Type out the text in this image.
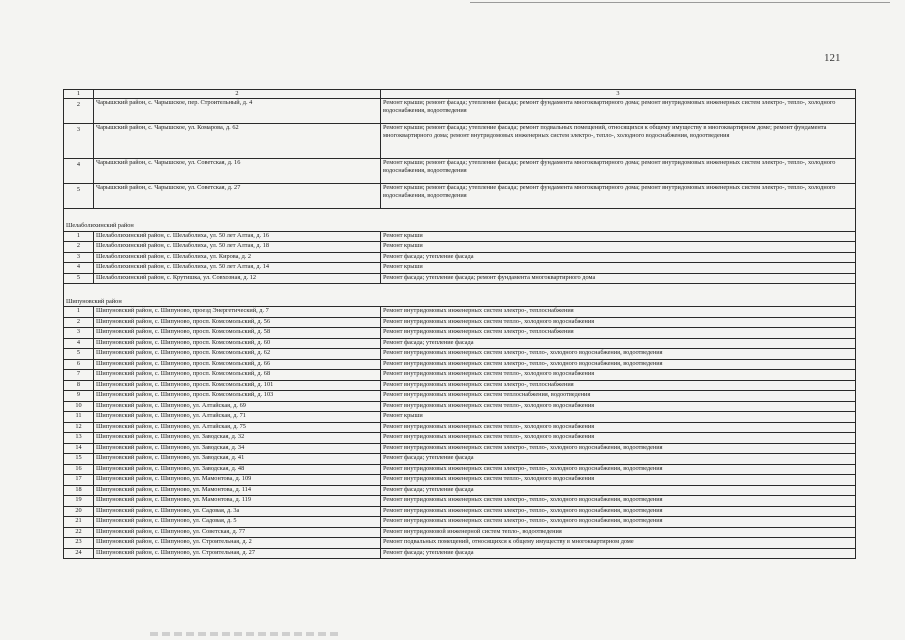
121
1	2	3
2	Чарышский район, с. Чарышское, пер. Строительный, д. 4	Ремонт крыши; ремонт фасада; утепление фасада; ремонт фундамента многоквартирного дома; ремонт внутридомовых инженерных систем электро-, тепло-, холодного водоснабжения, водоотведения
3	Чарышский район, с. Чарышское, ул. Комарова, д. 62	Ремонт крыши; ремонт фасада; утепление фасада; ремонт подвальных помещений, относящихся к общему имуществу в многоквартирном доме; ремонт фундамента многоквартирного дома; ремонт внутридомовых инженерных систем электро-, тепло-, холодного водоснабжения, водоотведения
4	Чарышский район, с. Чарышское, ул. Советская, д. 16	Ремонт крыши; ремонт фасада; утепление фасада; ремонт фундамента многоквартирного дома; ремонт внутридомовых инженерных систем электро-, тепло-, холодного водоснабжения, водоотведения
5	Чарышский район, с. Чарышское, ул. Советская, д. 27	Ремонт крыши; ремонт фасада; утепление фасада; ремонт фундамента многоквартирного дома; ремонт внутридомовых инженерных систем электро-, тепло-, холодного водоснабжения, водоотведения

Шелаболихинский район		
1	Шелаболихинский район, с. Шелаболиха, ул. 50 лет Алтая, д. 16	Ремонт крыши
2	Шелаболихинский район, с. Шелаболиха, ул. 50 лет Алтая, д. 18	Ремонт крыши
3	Шелаболихинский район, с. Шелаболиха, ул. Кирова, д. 2	Ремонт фасада; утепление фасада
4	Шелаболихинский район, с. Шелаболиха, ул. 50 лет Алтая, д. 14	Ремонт крыши
5	Шелаболихинский район, с. Крутишка, ул. Совхозная, д. 12	Ремонт фасада; утепление фасада; ремонт фундамента многоквартирного дома

Шипуновский район		
1	Шипуновский район, с. Шипуново, проезд Энергетический, д. 7	Ремонт внутридомовых инженерных систем электро-, теплоснабжения
2	Шипуновский район, с. Шипуново, просп. Комсомольский, д. 56	Ремонт внутридомовых инженерных систем тепло-, холодного водоснабжения
3	Шипуновский район, с. Шипуново, просп. Комсомольский, д. 58	Ремонт внутридомовых инженерных систем электро-, теплоснабжения
4	Шипуновский район, с. Шипуново, просп. Комсомольский, д. 60	Ремонт фасада; утепление фасада
5	Шипуновский район, с. Шипуново, просп. Комсомольский, д. 62	Ремонт внутридомовых инженерных систем электро-, тепло-, холодного водоснабжения, водоотведения
6	Шипуновский район, с. Шипуново, просп. Комсомольский, д. 66	Ремонт внутридомовых инженерных систем электро-, тепло-, холодного водоснабжения, водоотведения
7	Шипуновский район, с. Шипуново, просп. Комсомольский, д. 68	Ремонт внутридомовых инженерных систем тепло-, холодного водоснабжения
8	Шипуновский район, с. Шипуново, просп. Комсомольский, д. 101	Ремонт внутридомовых инженерных систем электро-, теплоснабжения
9	Шипуновский район, с. Шипуново, просп. Комсомольский, д. 103	Ремонт внутридомовых инженерных систем теплоснабжения, водоотведения
10	Шипуновский район, с. Шипуново, ул. Алтайская, д. 69	Ремонт внутридомовых инженерных систем тепло-, холодного водоснабжения
11	Шипуновский район, с. Шипуново, ул. Алтайская, д. 71	Ремонт крыши
12	Шипуновский район, с. Шипуново, ул. Алтайская, д. 75	Ремонт внутридомовых инженерных систем тепло-, холодного водоснабжения
13	Шипуновский район, с. Шипуново, ул. Заводская, д. 32	Ремонт внутридомовых инженерных систем тепло-, холодного водоснабжения
14	Шипуновский район, с. Шипуново, ул. Заводская, д. 34	Ремонт внутридомовых инженерных систем электро-, тепло-, холодного водоснабжения, водоотведения
15	Шипуновский район, с. Шипуново, ул. Заводская, д. 41	Ремонт фасада; утепление фасада
16	Шипуновский район, с. Шипуново, ул. Заводская, д. 48	Ремонт внутридомовых инженерных систем электро-, тепло-, холодного водоснабжения, водоотведения
17	Шипуновский район, с. Шипуново, ул. Мамонтова, д. 109	Ремонт внутридомовых инженерных систем тепло-, холодного водоснабжения
18	Шипуновский район, с. Шипуново, ул. Мамонтова, д. 114	Ремонт фасада; утепление фасада
19	Шипуновский район, с. Шипуново, ул. Мамонтова, д. 119	Ремонт внутридомовых инженерных систем электро-, тепло-, холодного водоснабжения, водоотведения
20	Шипуновский район, с. Шипуново, ул. Садовая, д. 3а	Ремонт внутридомовых инженерных систем электро-, тепло-, холодного водоснабжения, водоотведения
21	Шипуновский район, с. Шипуново, ул. Садовая, д. 5	Ремонт внутридомовых инженерных систем электро-, тепло-, холодного водоснабжения, водоотведения
22	Шипуновский район, с. Шипуново, ул. Советская, д. 77	Ремонт внутридомовой инженерной систем тепло-, водоотведения
23	Шипуновский район, с. Шипуново, ул. Строительная, д. 2	Ремонт подвальных помещений, относящихся к общему имуществу в многоквартирном доме
24	Шипуновский район, с. Шипуново, ул. Строительная, д. 27	Ремонт фасада; утепление фасада
